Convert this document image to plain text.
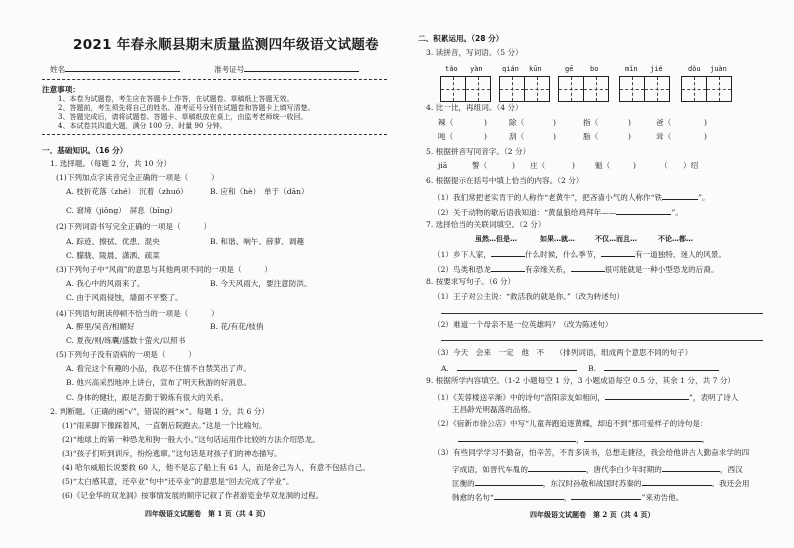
2021 年春永顺县期末质量监测四年级语文试题卷
姓名	准考证号
注意事项：
1、本卷为试题卷，考生应在答题卡上作答，在试题卷、草稿纸上答题无效。
2、答题前，考生须先将自己的姓名、准考证号分别在试题卷和答题卡上填写清楚。
3、答题完成后，请将试题卷、答题卡、草稿纸放在桌上，由监考老师统一收回。
4、本试卷共四道大题，满分 100 分，时量 90 分钟。
一、基础知识。（16 分）
1. 选择题。（每题 2 分，共 10 分）
(1)下列加点字读音完全正确的一项是（　　　）
A. 枝折花落（zhé）　沉着（zhuó）	B. 应和（hè）　单于（dān）
C. 窘境（jiǒng）　屏息（bǐng）
(2)下列词语书写完全正确的一项是（　　　）
A. 踪迹、擦拭、优患、混央	B. 和谐、响午、薛萝、调趣
C. 朦胧、陵晨、潇洒、疏菜
(3)下列句子中“风雨”的意思与其他两项不同的一项是（　　　）
A. 我心中的风雨来了。	B. 今天风雨大，要注意防洪。
C. 由于风雨侵蚀，墙面不平整了。
(4)下列语句朗读停顿不恰当的一项是（　　　）
A. 醉里/吴音/相媚好	B. 花/有花/枝俏
C. 夏夜/则/练囊/盛数十萤火/以照书
(5)下列句子没有语病的一项是（　　　）
A. 看完这个有趣的小品，我忍不住情不自禁笑出了声。
B. 他兴高采烈地冲上讲台，宣布了明天秋游的好消息。
C. 身体的健壮，跟是否勤于锻炼有很大的关系。
2. 判断题。（正确的画“√”，错误的画“×”。每题 1 分，共 6 分）
(1)“雨来脚下像踩着风，一直朝后院跑去。”这是一个比喻句。
(2)“地球上的第一种恐龙和狗一般大小。”这句话运用作比较的方法介绍恐龙。
(3)“孩子们听到训斥，纷纷逃窜。”这句话是对孩子们的神态描写。
(4) 哈尔威船长说要救 60 人，他不是忘了船上有 61 人，而是舍己为人，有意不包括自己。
(5)“太白感其意，还卒业”句中“还卒业”的意思是“回去完成了学业”。
(6)《记金华的双龙洞》按事情发展的顺序记叙了作者游览金华双龙洞的过程。
四年级语文试题卷　第 1 页（共 4 页）
二、积累运用。（28 分）
3. 读拼音，写词语。（5 分）
tǎo yàn	qián kūn	gē bo	mǐn jié	dǒu juàn
4. 比一比，再组词。（4 分）
辣（	)	除（	)	指（	)	爸（	)
吨（	)	刮（	)	脂（	)	耸（	)
5. 根据拼音写同音字。（2 分）
jiā	警（	) 庄（	)	魁（	)	（ ）绍
6. 根据提示在括号中填上恰当的内容。（2 分）
（1）我们常把老实肯干的人称作“老黄牛”，把吝啬小气的人称作“铁	”。
（2）关于动物的歇后语我知道：“黄鼠狼给鸡拜年——	”。
7. 选择恰当的关联词填空。（2 分）
虽然…但是…	如果…就…	不仅…而且…	不论…都…
（1）乡下人家，	什么时候，什么季节，	有一道独特、迷人的风景。
（2）鸟类和恐龙	有亲缘关系，	很可能就是一种小型恐龙的后裔。
8. 按要求写句子。（6 分）
（1）王子对公主说：“救活我的就是你。”（改为转述句）
（2）难道一个母亲不是一位英雄吗？（改为陈述句）
（3）今天　会来　一定　他　不　　（排列词语，组成两个意思不同的句子）
A.	B.
9. 根据所学内容填空。（1-2 小题每空 1 分，3 小题成语每空 0.5 分，其余 1 分，共 7 分）
（1）《芙蓉楼送辛渐》中的诗句“洛阳亲友如相问，	”，表明了诗人
王昌龄光明磊落的品格。
（2）《宿新市徐公店》中写“儿童奔跑追逐黄蝶，却追不到”那可爱样子的诗句是：
，	。
（3）有些同学学习不勤奋，怕辛苦，不肯多读书，总想走捷径，我会给他讲古人勤奋求学的四
字成语，如晋代车胤的	，唐代李白少年时期的	，西汉
匡衡的	，东汉时孙敬和战国时苏秦的	。我还会用
韩愈的名句“	，	”来劝告他。
四年级语文试题卷　第 2 页（共 4 页）
